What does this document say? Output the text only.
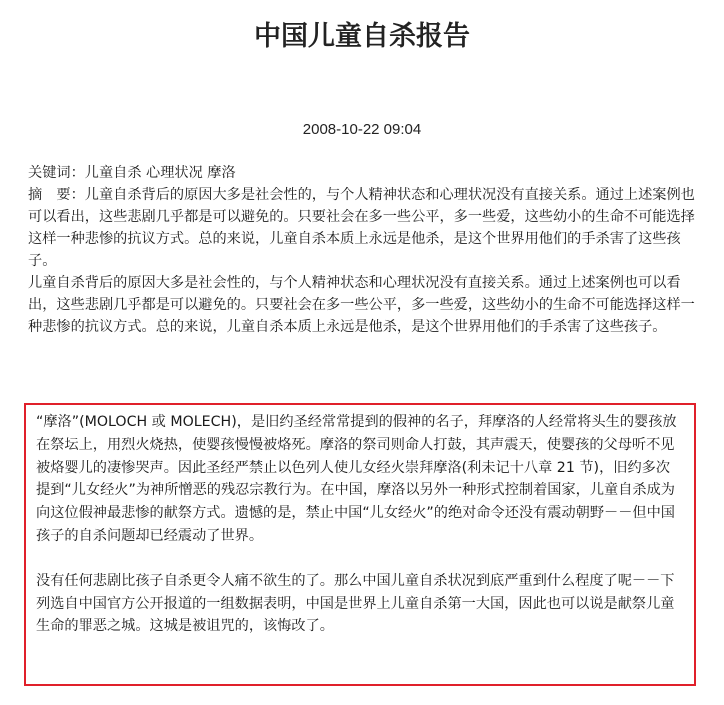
中国儿童自杀报告
2008-10-22 09:04

关键词：儿童自杀 心理状况 摩洛

摘　要：儿童自杀背后的原因大多是社会性的，与个人精神状态和心理状况没有直接关系。通过上述案例也可以看出，这些悲剧几乎都是可以避免的。只要社会在多一些公平，多一些爱，这些幼小的生命不可能选择这样一种悲惨的抗议方式。总的来说，儿童自杀本质上永远是他杀，是这个世界用他们的手杀害了这些孩子。

儿童自杀背后的原因大多是社会性的，与个人精神状态和心理状况没有直接关系。通过上述案例也可以看出，这些悲剧几乎都是可以避免的。只要社会在多一些公平，多一些爱，这些幼小的生命不可能选择这样一种悲惨的抗议方式。总的来说，儿童自杀本质上永远是他杀，是这个世界用他们的手杀害了这些孩子。

“摩洛”(MOLOCH 或 MOLECH)，是旧约圣经常常提到的假神的名子，拜摩洛的人经常将头生的婴孩放在祭坛上，用烈火烧热，使婴孩慢慢被烙死。摩洛的祭司则命人打鼓，其声震天，使婴孩的父母听不见被烙婴儿的凄惨哭声。因此圣经严禁止以色列人使儿女经火崇拜摩洛(利未记十八章 21 节)，旧约多次提到“儿女经火”为神所憎恶的残忍宗教行为。在中国，摩洛以另外一种形式控制着国家，儿童自杀成为向这位假神最悲惨的献祭方式。遗憾的是，禁止中国“儿女经火”的绝对命令还没有震动朝野－－但中国孩子的自杀问题却已经震动了世界。

没有任何悲剧比孩子自杀更令人痛不欲生的了。那么中国儿童自杀状况到底严重到什么程度了呢－－下列选自中国官方公开报道的一组数据表明，中国是世界上儿童自杀第一大国，因此也可以说是献祭儿童生命的罪恶之城。这城是被诅咒的，该悔改了。
